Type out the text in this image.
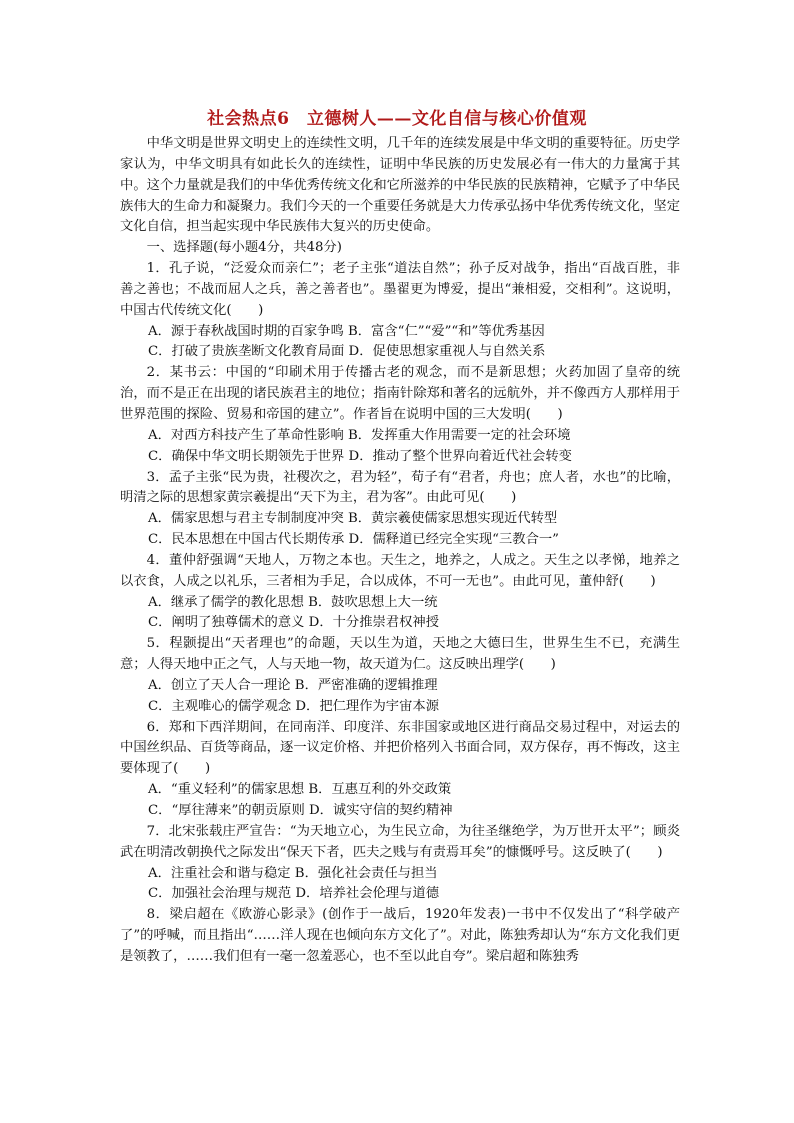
社会热点6　立德树人——文化自信与核心价值观

中华文明是世界文明史上的连续性文明，几千年的连续发展是中华文明的重要特征。历史学家认为，中华文明具有如此长久的连续性，证明中华民族的历史发展必有一伟大的力量寓于其中。这个力量就是我们的中华优秀传统文化和它所滋养的中华民族的民族精神，它赋予了中华民族伟大的生命力和凝聚力。我们今天的一个重要任务就是大力传承弘扬中华优秀传统文化，坚定文化自信，担当起实现中华民族伟大复兴的历史使命。

一、选择题(每小题4分，共48分)

1．孔子说，“泛爱众而亲仁”；老子主张“道法自然”；孙子反对战争，指出“百战百胜，非善之善也；不战而屈人之兵，善之善者也”。墨翟更为博爱，提出“兼相爱，交相利”。这说明，中国古代传统文化(　　)

A．源于春秋战国时期的百家争鸣 B．富含“仁”“爱”“和”等优秀基因

C．打破了贵族垄断文化教育局面 D．促使思想家重视人与自然关系

2．某书云：中国的“印刷术用于传播古老的观念，而不是新思想；火药加固了皇帝的统治，而不是正在出现的诸民族君主的地位；指南针除郑和著名的远航外，并不像西方人那样用于世界范围的探险、贸易和帝国的建立”。作者旨在说明中国的三大发明(　　)

A．对西方科技产生了革命性影响 B．发挥重大作用需要一定的社会环境

C．确保中华文明长期领先于世界 D．推动了整个世界向着近代社会转变

3．孟子主张“民为贵，社稷次之，君为轻”，荀子有“君者，舟也；庶人者，水也”的比喻，明清之际的思想家黄宗羲提出“天下为主，君为客”。由此可见(　　)

A．儒家思想与君主专制制度冲突 B．黄宗羲使儒家思想实现近代转型

C．民本思想在中国古代长期传承 D．儒释道已经完全实现“三教合一”

4．董仲舒强调“天地人，万物之本也。天生之，地养之，人成之。天生之以孝悌，地养之以衣食，人成之以礼乐，三者相为手足，合以成体，不可一无也”。由此可见，董仲舒(　　)

A．继承了儒学的教化思想 B．鼓吹思想上大一统

C．阐明了独尊儒术的意义 D．十分推崇君权神授

5．程颢提出“天者理也”的命题，天以生为道，天地之大德曰生，世界生生不已，充满生意；人得天地中正之气，人与天地一物，故天道为仁。这反映出理学(　　)

A．创立了天人合一理论 B．严密准确的逻辑推理

C．主观唯心的儒学观念 D．把仁理作为宇宙本源

6．郑和下西洋期间，在同南洋、印度洋、东非国家或地区进行商品交易过程中，对运去的中国丝织品、百货等商品，逐一议定价格、并把价格列入书面合同，双方保存，再不悔改，这主要体现了(　　)

A．“重义轻利”的儒家思想 B．互惠互利的外交政策

C．“厚往薄来”的朝贡原则 D．诚实守信的契约精神

7．北宋张载庄严宣告：“为天地立心，为生民立命，为往圣继绝学，为万世开太平”；顾炎武在明清改朝换代之际发出“保天下者，匹夫之贱与有责焉耳矣”的慷慨呼号。这反映了(　　)

A．注重社会和谐与稳定 B．强化社会责任与担当

C．加强社会治理与规范 D．培养社会伦理与道德

8．梁启超在《欧游心影录》(创作于一战后，1920年发表)一书中不仅发出了“科学破产了”的呼喊，而且指出“……洋人现在也倾向东方文化了”。对此，陈独秀却认为“东方文化我们更是领教了，……我们但有一毫一忽羞恶心，也不至以此自夸”。梁启超和陈独秀
